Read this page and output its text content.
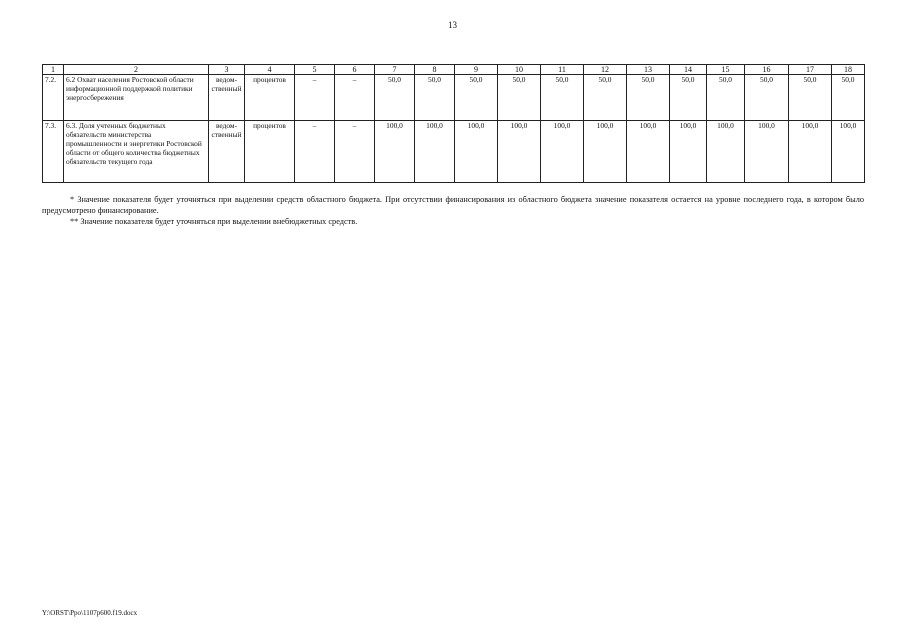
13
1	2	3	4	5	6	7	8	9	10	11	12	13	14	15	16	17	18
7.2.	6.2 Охват населения Ростовской области информационной поддержкой политики энергосбережения	ведом-ственный	процентов	–	–	50,0	50,0	50,0	50,0	50,0	50,0	50,0	50,0	50,0	50,0	50,0	50,0
7.3.	6.3. Доля учтенных бюджетных обязательств министерства промышленности и энергетики Ростовской области от общего количества бюджетных обязательств текущего года	ведом-ственный	процентов	–	–	100,0	100,0	100,0	100,0	100,0	100,0	100,0	100,0	100,0	100,0	100,0	100,0

* Значение показателя будет уточняться при выделении средств областного бюджета. При отсутствии финансирования из областного бюджета значение показателя остается на уровне последнего года, в котором было предусмотрено финансирование.

** Значение показателя будет уточняться при выделении внебюджетных средств.

Y:\ORST\Ppo\1107p600.f19.docx
